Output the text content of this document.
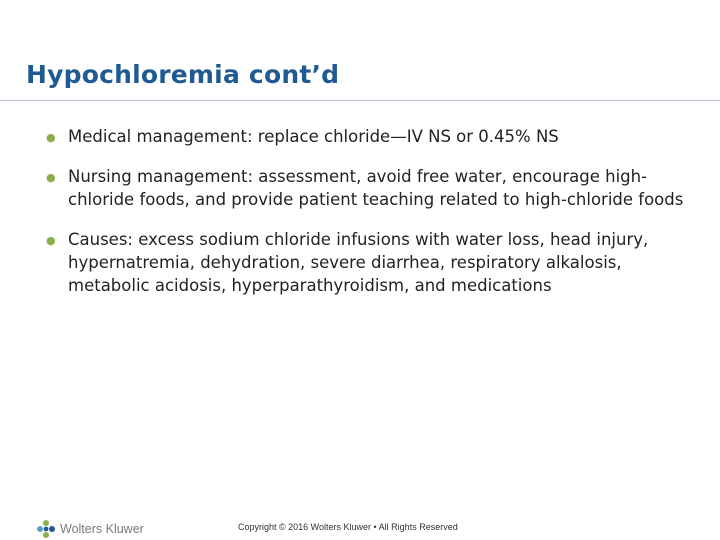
Hypochloremia cont’d
● Medical management: replace chloride—IV NS or 0.45% NS
● Nursing management: assessment, avoid free water, encourage high-chloride foods, and provide patient teaching related to high-chloride foods
● Causes: excess sodium chloride infusions with water loss, head injury, hypernatremia, dehydration, severe diarrhea, respiratory alkalosis, metabolic acidosis, hyperparathyroidism, and medications
Wolters Kluwer	Copyright © 2016 Wolters Kluwer • All Rights Reserved
